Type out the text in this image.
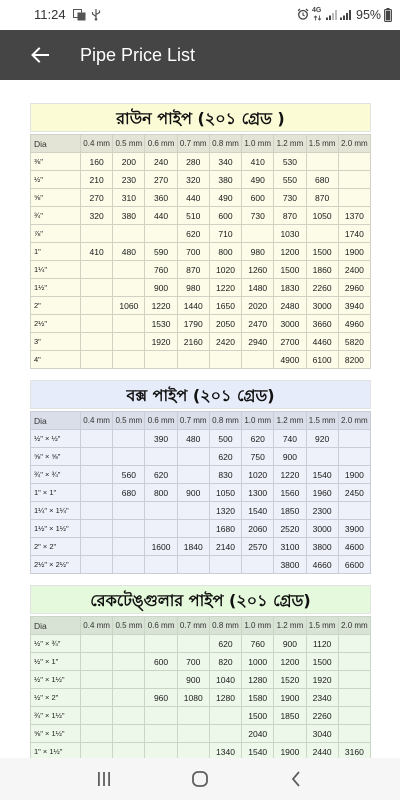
11:24	4G	95%
Pipe Price List
রাউন পাইপ (২০১ গ্রেড )
Dia	0.4 mm	0.5 mm	0.6 mm	0.7 mm	0.8 mm	1.0 mm	1.2 mm	1.5 mm	2.0 mm
⅜"	160	200	240	280	340	410	530		
½"	210	230	270	320	380	490	550	680	
⅝"	270	310	360	440	490	600	730	870	
¾"	320	380	440	510	600	730	870	1050	1370
⅞"				620	710		1030		1740
1"	410	480	590	700	800	980	1200	1500	1900
1¼"			760	870	1020	1260	1500	1860	2400
1½"			900	980	1220	1480	1830	2260	2960
2"		1060	1220	1440	1650	2020	2480	3000	3940
2½"			1530	1790	2050	2470	3000	3660	4960
3"			1920	2160	2420	2940	2700	4460	5820
4"							4900	6100	8200
বক্স পাইপ (২০১ গ্রেড)
Dia	0.4 mm	0.5 mm	0.6 mm	0.7 mm	0.8 mm	1.0 mm	1.2 mm	1.5 mm	2.0 mm
½" × ½"			390	480	500	620	740	920	
⅝" × ⅝"					620	750	900		
¾" × ¾"		560	620		830	1020	1220	1540	1900
1" × 1"		680	800	900	1050	1300	1560	1960	2450
1¼" × 1¼"					1320	1540	1850	2300	
1½" × 1½"					1680	2060	2520	3000	3900
2" × 2"			1600	1840	2140	2570	3100	3800	4600
2½" × 2½"							3800	4660	6600
রেকটেঙ্গুলার পাইপ (২০১ গ্রেড)
Dia	0.4 mm	0.5 mm	0.6 mm	0.7 mm	0.8 mm	1.0 mm	1.2 mm	1.5 mm	2.0 mm
½" × ¾"					620	760	900	1120	
½" × 1"			600	700	820	1000	1200	1500	
½" × 1½"				900	1040	1280	1520	1920	
½" × 2"			960	1080	1280	1580	1900	2340	
¾" × 1½"						1500	1850	2260	
⅝" × 1½"						2040		3040	
1" × 1½"					1340	1540	1900	2440	3160
